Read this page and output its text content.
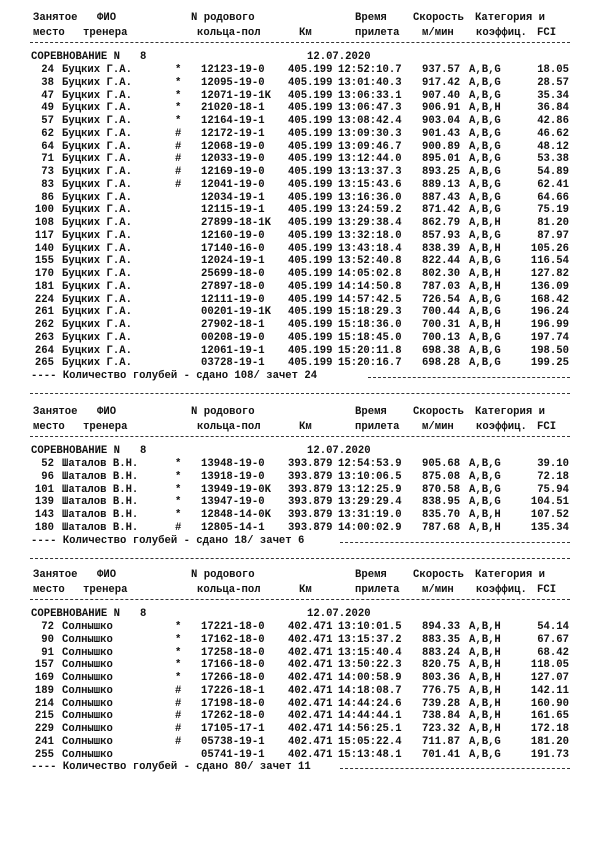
Занятое ФИО	N родового	Время Скорость Категория и
место тренера	кольца-пол	Км	прилета м/мин коэффиц. FCI
СОРЕВНОВАНИЕ N 8	12.07.2020
24 Буцких Г.А.	* 12123-19-0 405.199 12:52:10.7 937.57 A,B,G	18.05
38 Буцких Г.А.	* 12095-19-0 405.199 13:01:40.3 917.42 A,B,G	28.57
47 Буцких Г.А.	* 12071-19-1K 405.199 13:06:33.1 907.40 A,B,G	35.34
49 Буцких Г.А.	* 21020-18-1 405.199 13:06:47.3 906.91 A,B,H	36.84
57 Буцких Г.А.	* 12164-19-1 405.199 13:08:42.4 903.04 A,B,G	42.86
62 Буцких Г.А.	# 12172-19-1 405.199 13:09:30.3 901.43 A,B,G	46.62
64 Буцких Г.А.	# 12068-19-0 405.199 13:09:46.7 900.89 A,B,G	48.12
71 Буцких Г.А.	# 12033-19-0 405.199 13:12:44.0 895.01 A,B,G	53.38
73 Буцких Г.А.	# 12169-19-0 405.199 13:13:37.3 893.25 A,B,G	54.89
83 Буцких Г.А.	# 12041-19-0 405.199 13:15:43.6 889.13 A,B,G	62.41
86 Буцких Г.А.	12034-19-1 405.199 13:16:36.0 887.43 A,B,G	64.66
100 Буцких Г.А.	12115-19-1 405.199 13:24:59.2 871.42 A,B,G	75.19
108 Буцких Г.А.	27899-18-1K 405.199 13:29:38.4 862.79 A,B,H	81.20
117 Буцких Г.А.	12160-19-0 405.199 13:32:18.0 857.93 A,B,G	87.97
140 Буцких Г.А.	17140-16-0 405.199 13:43:18.4 838.39 A,B,H	105.26
155 Буцких Г.А.	12024-19-1 405.199 13:52:40.8 822.44 A,B,G	116.54
170 Буцких Г.А.	25699-18-0 405.199 14:05:02.8 802.30 A,B,H	127.82
181 Буцких Г.А.	27897-18-0 405.199 14:14:50.8 787.03 A,B,H	136.09
224 Буцких Г.А.	12111-19-0 405.199 14:57:42.5 726.54 A,B,G	168.42
261 Буцких Г.А.	00201-19-1K 405.199 15:18:29.3 700.44 A,B,G	196.24
262 Буцких Г.А.	27902-18-1 405.199 15:18:36.0 700.31 A,B,H	196.99
263 Буцких Г.А.	00208-19-0 405.199 15:18:45.0 700.13 A,B,G	197.74
264 Буцких Г.А.	12061-19-1 405.199 15:20:11.8 698.38 A,B,G	198.50
265 Буцких Г.А.	03728-19-1 405.199 15:20:16.7 698.28 A,B,G	199.25
---- Количество голубей - сдано 108/ зачет 24
Занятое ФИО	N родового	Время Скорость Категория и
место тренера	кольца-пол	Км	прилета м/мин коэффиц. FCI
СОРЕВНОВАНИЕ N 8	12.07.2020
52 Шаталов В.Н.	* 13948-19-0 393.879 12:54:53.9 905.68 A,B,G	39.10
96 Шаталов В.Н.	* 13918-19-0 393.879 13:10:06.5 875.08 A,B,G	72.18
101 Шаталов В.Н.	* 13949-19-0K 393.879 13:12:25.9 870.58 A,B,G	75.94
139 Шаталов В.Н.	* 13947-19-0 393.879 13:29:29.4 838.95 A,B,G	104.51
143 Шаталов В.Н.	* 12848-14-0K 393.879 13:31:19.0 835.70 A,B,H	107.52
180 Шаталов В.Н.	# 12805-14-1 393.879 14:00:02.9 787.68 A,B,H	135.34
---- Количество голубей - сдано 18/ зачет 6
Занятое ФИО	N родового	Время Скорость Категория и
место тренера	кольца-пол	Км	прилета м/мин коэффиц. FCI
СОРЕВНОВАНИЕ N 8	12.07.2020
72 Солнышко	* 17221-18-0 402.471 13:10:01.5 894.33 A,B,H	54.14
90 Солнышко	* 17162-18-0 402.471 13:15:37.2 883.35 A,B,H	67.67
91 Солнышко	* 17258-18-0 402.471 13:15:40.4 883.24 A,B,H	68.42
157 Солнышко	* 17166-18-0 402.471 13:50:22.3 820.75 A,B,H	118.05
169 Солнышко	* 17266-18-0 402.471 14:00:58.9 803.36 A,B,H	127.07
189 Солнышко	# 17226-18-1 402.471 14:18:08.7 776.75 A,B,H	142.11
214 Солнышко	# 17198-18-0 402.471 14:44:24.6 739.28 A,B,H	160.90
215 Солнышко	# 17262-18-0 402.471 14:44:44.1 738.84 A,B,H	161.65
229 Солнышко	# 17105-17-1 402.471 14:56:25.1 723.32 A,B,H	172.18
241 Солнышко	# 05738-19-1 402.471 15:05:22.4 711.87 A,B,G	181.20
255 Солнышко	05741-19-1 402.471 15:13:48.1 701.41 A,B,G	191.73
---- Количество голубей - сдано 80/ зачет 11
